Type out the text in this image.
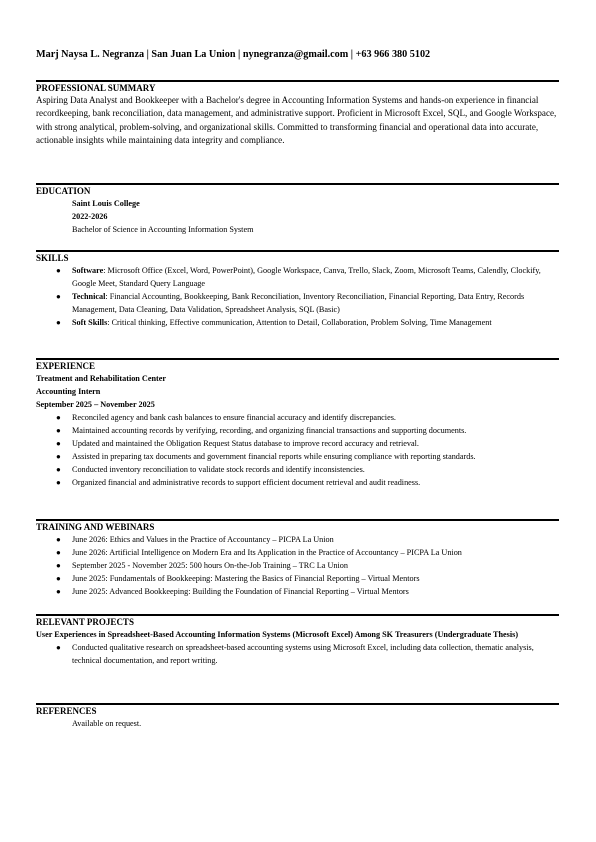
Marj Naysa L. Negranza | San Juan La Union | nynegranza@gmail.com | +63 966 380 5102
PROFESSIONAL SUMMARY
Aspiring Data Analyst and Bookkeeper with a Bachelor's degree in Accounting Information Systems and hands-on experience in financial recordkeeping, bank reconciliation, data management, and administrative support. Proficient in Microsoft Excel, SQL, and Google Workspace, with strong analytical, problem-solving, and organizational skills. Committed to transforming financial and operational data into accurate, actionable insights while maintaining data integrity and compliance.
EDUCATION
Saint Louis College
2022-2026
Bachelor of Science in Accounting Information System
SKILLS
● Software: Microsoft Office (Excel, Word, PowerPoint), Google Workspace, Canva, Trello, Slack, Zoom, Microsoft Teams, Calendly, Clockify, Google Meet, Standard Query Language
● Technical: Financial Accounting, Bookkeeping, Bank Reconciliation, Inventory Reconciliation, Financial Reporting, Data Entry, Records Management, Data Cleaning, Data Validation, Spreadsheet Analysis, SQL (Basic)
● Soft Skills: Critical thinking, Effective communication, Attention to Detail, Collaboration, Problem Solving, Time Management
EXPERIENCE
Treatment and Rehabilitation Center
Accounting Intern
September 2025 – November 2025
● Reconciled agency and bank cash balances to ensure financial accuracy and identify discrepancies.
● Maintained accounting records by verifying, recording, and organizing financial transactions and supporting documents.
● Updated and maintained the Obligation Request Status database to improve record accuracy and retrieval.
● Assisted in preparing tax documents and government financial reports while ensuring compliance with reporting standards.
● Conducted inventory reconciliation to validate stock records and identify inconsistencies.
● Organized financial and administrative records to support efficient document retrieval and audit readiness.
TRAINING AND WEBINARS
● June 2026: Ethics and Values in the Practice of Accountancy – PICPA La Union
● June 2026: Artificial Intelligence on Modern Era and Its Application in the Practice of Accountancy – PICPA La Union
● September 2025 - November 2025: 500 hours On-the-Job Training – TRC La Union
● June 2025: Fundamentals of Bookkeeping: Mastering the Basics of Financial Reporting – Virtual Mentors
● June 2025: Advanced Bookkeeping: Building the Foundation of Financial Reporting – Virtual Mentors
RELEVANT PROJECTS
User Experiences in Spreadsheet-Based Accounting Information Systems (Microsoft Excel) Among SK Treasurers (Undergraduate Thesis)
● Conducted qualitative research on spreadsheet-based accounting systems using Microsoft Excel, including data collection, thematic analysis, technical documentation, and report writing.
REFERENCES
Available on request.
